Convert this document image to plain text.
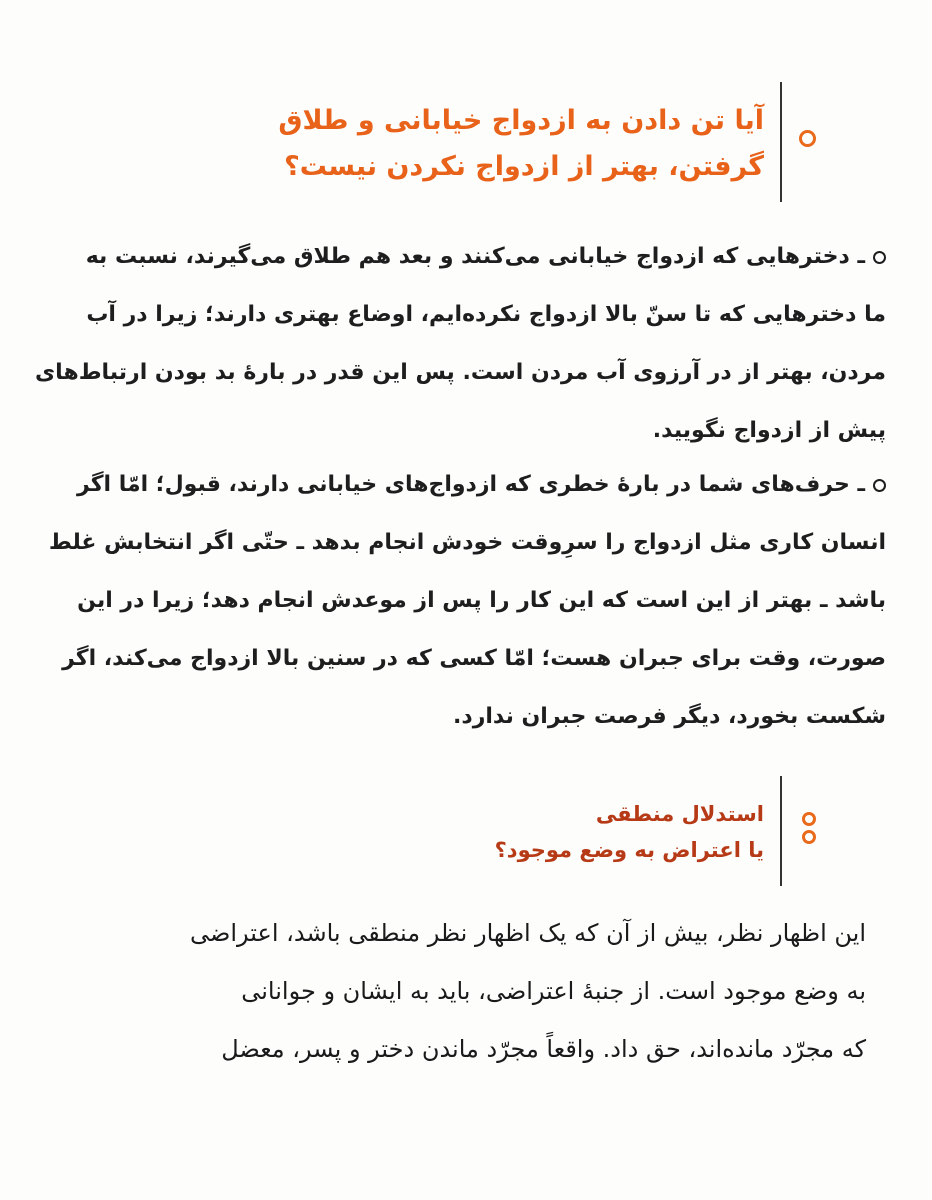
آیا تن دادن به ازدواج خیابانی و طلاق
گرفتن، بهتر از ازدواج نکردن نیست؟
ـ دخترهایی که ازدواج خیابانی می‌کنند و بعد هم طلاق می‌گیرند، نسبت به
ما دخترهایی که تا سنّ بالا ازدواج نکرده‌ایم، اوضاع بهتری دارند؛ زیرا در آب
مردن، بهتر از در آرزوی آب مردن است. پس این قدر در بارهٔ بد بودن ارتباط‌های
پیش از ازدواج نگویید.
ـ حرف‌های شما در بارهٔ خطری که ازدواج‌های خیابانی دارند، قبول؛ امّا اگر
انسان کاری مثل ازدواج را سرِوقت خودش انجام بدهد ـ حتّی اگر انتخابش غلط
باشد ـ بهتر از این است که این کار را پس از موعدش انجام دهد؛ زیرا در این
صورت، وقت برای جبران هست؛ امّا کسی که در سنین بالا ازدواج می‌کند، اگر
شکست بخورد، دیگر فرصت جبران ندارد.
استدلال منطقی
یا اعتراض به وضع موجود؟
این اظهار نظر، بیش از آن که یک اظهار نظر منطقی باشد، اعتراضی
به وضع موجود است. از جنبهٔ اعتراضی، باید به ایشان و جوانانی
که مجرّد مانده‌اند، حق داد. واقعاً مجرّد ماندن دختر و پسر، معضل
